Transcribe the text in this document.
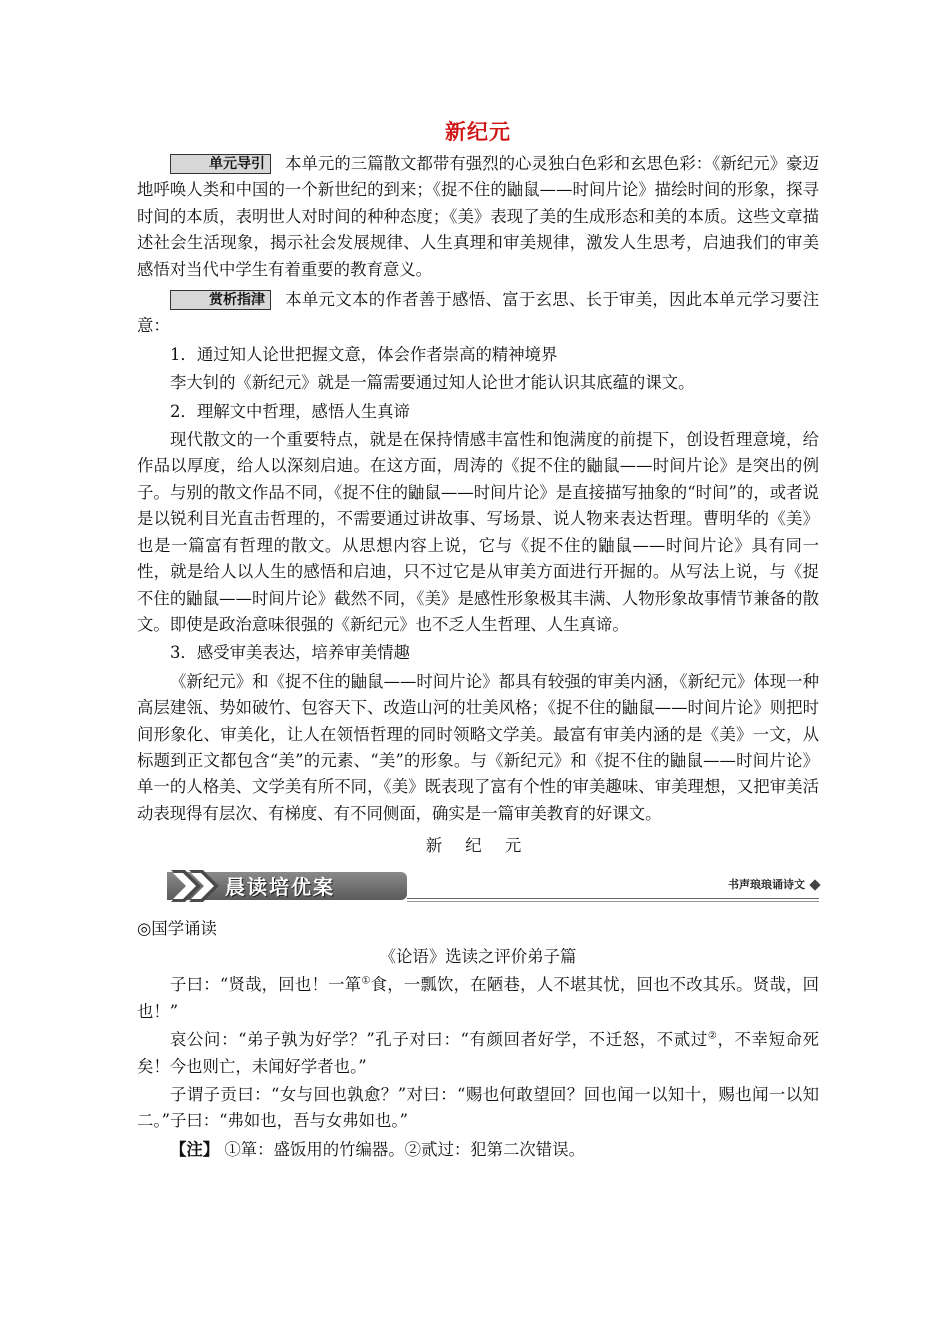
新纪元

单元导引 本单元的三篇散文都带有强烈的心灵独白色彩和玄思色彩：《新纪元》豪迈地呼唤人类和中国的一个新世纪的到来；《捉不住的鼬鼠——时间片论》描绘时间的形象，探寻时间的本质，表明世人对时间的种种态度；《美》表现了美的生成形态和美的本质。这些文章描述社会生活现象，揭示社会发展规律、人生真理和审美规律，激发人生思考，启迪我们的审美感悟对当代中学生有着重要的教育意义。

赏析指津 本单元文本的作者善于感悟、富于玄思、长于审美，因此本单元学习要注意：

1．通过知人论世把握文意，体会作者崇高的精神境界

李大钊的《新纪元》就是一篇需要通过知人论世才能认识其底蕴的课文。

2．理解文中哲理，感悟人生真谛

现代散文的一个重要特点，就是在保持情感丰富性和饱满度的前提下，创设哲理意境，给作品以厚度，给人以深刻启迪。在这方面，周涛的《捉不住的鼬鼠——时间片论》是突出的例子。与别的散文作品不同，《捉不住的鼬鼠——时间片论》是直接描写抽象的“时间”的，或者说是以锐利目光直击哲理的，不需要通过讲故事、写场景、说人物来表达哲理。曹明华的《美》也是一篇富有哲理的散文。从思想内容上说，它与《捉不住的鼬鼠——时间片论》具有同一性，就是给人以人生的感悟和启迪，只不过它是从审美方面进行开掘的。从写法上说，与《捉不住的鼬鼠——时间片论》截然不同，《美》是感性形象极其丰满、人物形象故事情节兼备的散文。即使是政治意味很强的《新纪元》也不乏人生哲理、人生真谛。

3．感受审美表达，培养审美情趣

《新纪元》和《捉不住的鼬鼠——时间片论》都具有较强的审美内涵，《新纪元》体现一种高层建瓴、势如破竹、包容天下、改造山河的壮美风格；《捉不住的鼬鼠——时间片论》则把时间形象化、审美化，让人在领悟哲理的同时领略文学美。最富有审美内涵的是《美》一文，从标题到正文都包含“美”的元素、“美”的形象。与《新纪元》和《捉不住的鼬鼠——时间片论》单一的人格美、文学美有所不同，《美》既表现了富有个性的审美趣味、审美理想，又把审美活动表现得有层次、有梯度、有不同侧面，确实是一篇审美教育的好课文。

新 纪 元
晨读培优案	书声琅琅诵诗文

◎国学诵读

《论语》选读之评价弟子篇

子曰：“贤哉，回也！一箪①食，一瓢饮，在陋巷，人不堪其忧，回也不改其乐。贤哉，回也！”

哀公问：“弟子孰为好学？”孔子对曰：“有颜回者好学，不迁怒，不贰过②，不幸短命死矣！今也则亡，未闻好学者也。”

子谓子贡曰：“女与回也孰愈？”对曰：“赐也何敢望回？回也闻一以知十，赐也闻一以知二。”子曰：“弗如也，吾与女弗如也。”

【注】 ①箪：盛饭用的竹编器。②贰过：犯第二次错误。
